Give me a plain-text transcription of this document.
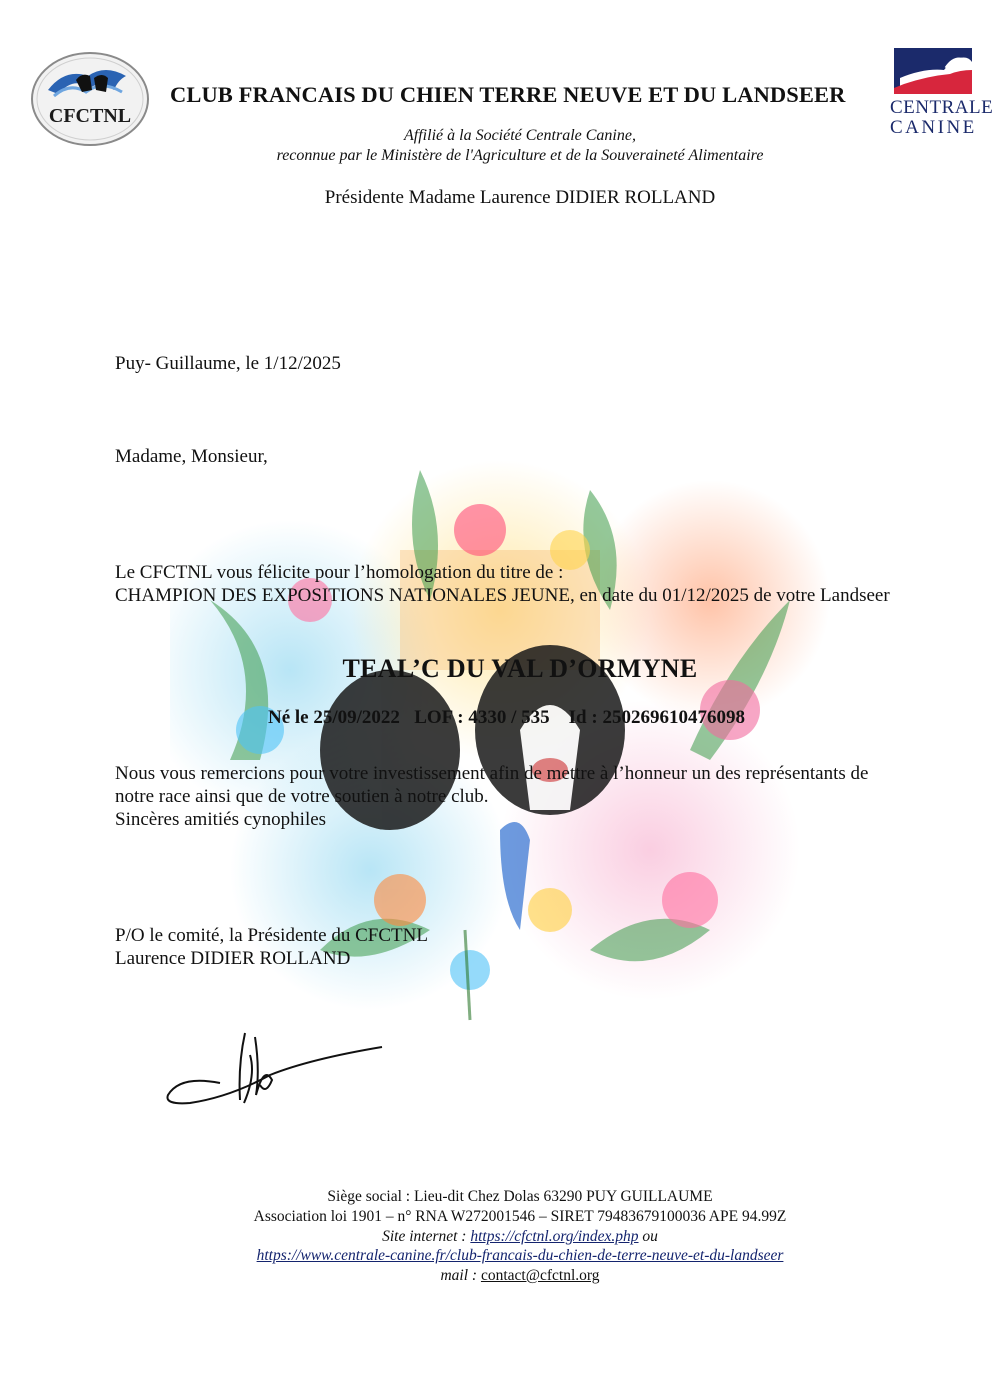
CFCTNL
CLUB FRANCAIS DU CHIEN TERRE NEUVE ET DU LANDSEER
CENTRALE
CANINE
Affilié à la Société Centrale Canine,
reconnue par le Ministère de l'Agriculture et de la Souveraineté Alimentaire
Présidente Madame Laurence DIDIER ROLLAND
Puy- Guillaume, le 1/12/2025
Madame, Monsieur,
Le CFCTNL vous félicite pour l’homologation du titre de :
CHAMPION DES EXPOSITIONS NATIONALES JEUNE, en date du 01/12/2025 de votre Landseer
TEAL’C DU VAL D’ORMYNE
Né le 25/09/2022 LOF : 4330 / 535 Id : 250269610476098
Nous vous remercions pour votre investissement afin de mettre à l’honneur un des représentants de
notre race ainsi que de votre soutien à notre club.
Sincères amitiés cynophiles
P/O le comité, la Présidente du CFCTNL
Laurence DIDIER ROLLAND
Siège social : Lieu-dit Chez Dolas 63290 PUY GUILLAUME
Association loi 1901 – n° RNA W272001546 – SIRET 79483679100036 APE 94.99Z
Site internet : https://cfctnl.org/index.php ou
https://www.centrale-canine.fr/club-francais-du-chien-de-terre-neuve-et-du-landseer
mail : contact@cfctnl.org
